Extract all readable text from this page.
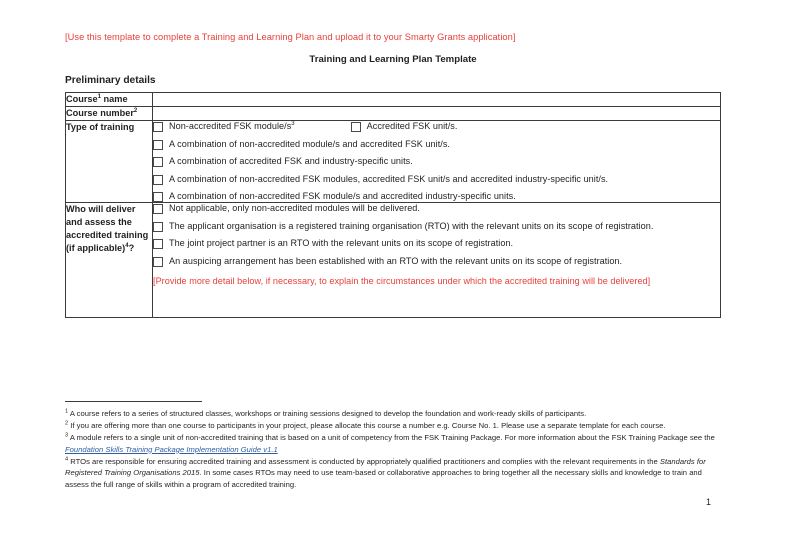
[Use this template to complete a Training and Learning Plan and upload it to your Smarty Grants application]
Training and Learning Plan Template
Preliminary details
Course$^1$ name	
Course number$^2$	
Type of training	Non-accredited FSK module/$s^3$	Accredited FSK unit/s.
A combination of non-accredited module/s and accredited FSK unit/s.
A combination of accredited FSK and industry-specific units.
A combination of non-accredited FSK modules, accredited FSK unit/s and accredited industry-specific unit/s.
A combination of non-accredited FSK module/s and accredited industry-specific units.

Who will deliver and assess the accredited training (if applicable)$^4$?	Not applicable, only non-accredited modules will be delivered.
The applicant organisation is a registered training organisation (RTO) with the relevant units on its scope of registration.
The joint project partner is an RTO with the relevant units on its scope of registration.
An auspicing arrangement has been established with an RTO with the relevant units on its scope of registration.
[Provide more detail below, if necessary, to explain the circumstances under which the accredited training will be delivered]
$^1$ A course refers to a series of structured classes, workshops or training sessions designed to develop the foundation and work-ready skills of participants.
$^2$ If you are offering more than one course to participants in your project, please allocate this course a number e.g. Course No. 1. Please use a separate template for each course.
$^3$ A module refers to a single unit of non-accredited training that is based on a unit of competency from the FSK Training Package. For more information about the FSK Training Package see the Foundation Skills Training Package Implementation Guide v1.1
$^4$ RTOs are responsible for ensuring accredited training and assessment is conducted by appropriately qualified practitioners and complies with the relevant requirements in the Standards for Registered Training Organisations 2015. In some cases RTOs may need to use team-based or collaborative approaches to bring together all the necessary skills and knowledge to train and assess the full range of skills within a program of accredited training.
1
